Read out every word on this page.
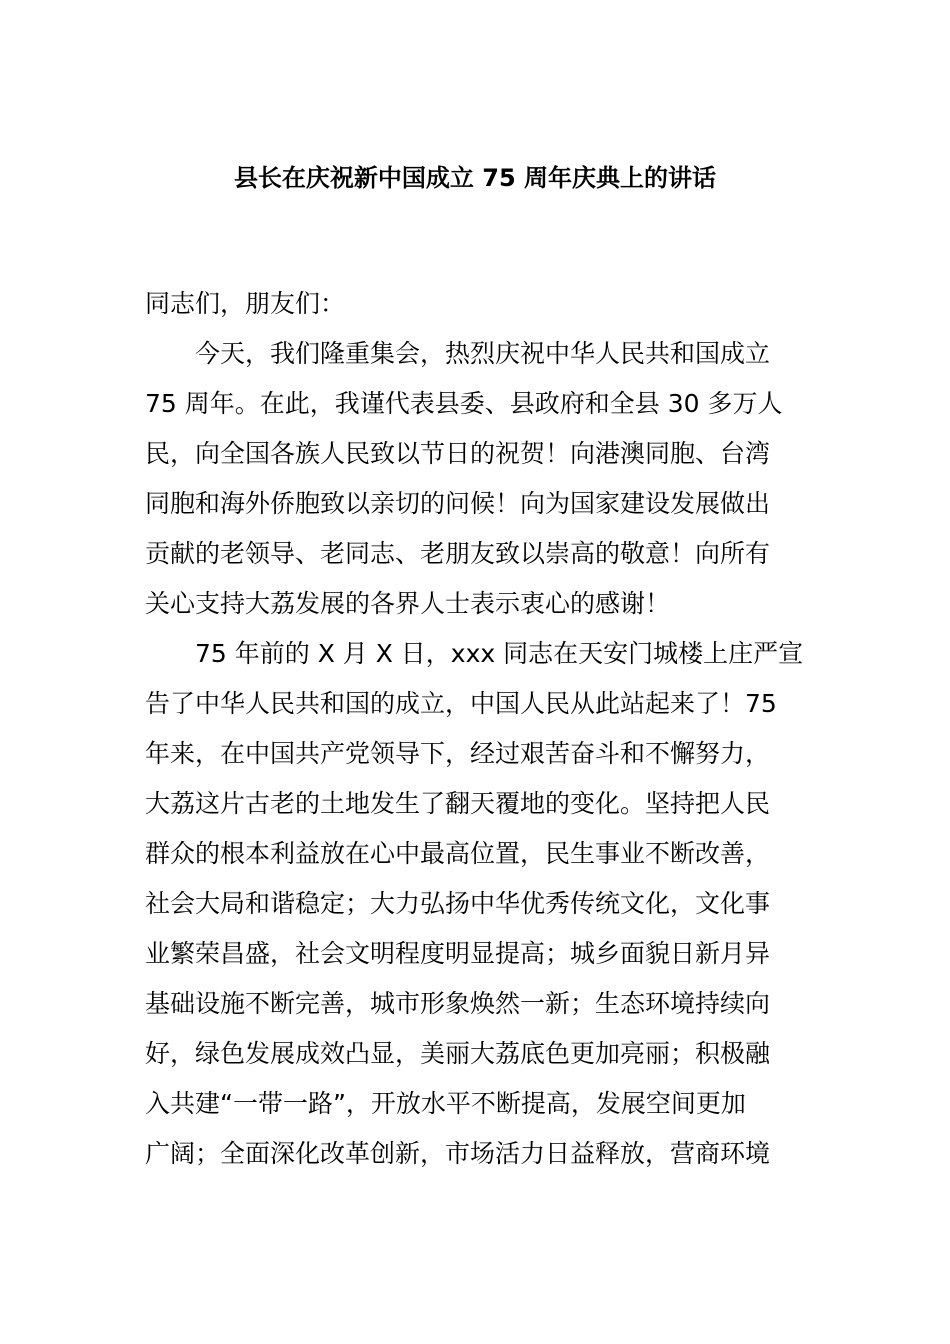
县长在庆祝新中国成立 75 周年庆典上的讲话
同志们，朋友们：
今天，我们隆重集会，热烈庆祝中华人民共和国成立
75 周年。在此，我谨代表县委、县政府和全县 30 多万人
民，向全国各族人民致以节日的祝贺！向港澳同胞、台湾
同胞和海外侨胞致以亲切的问候！向为国家建设发展做出
贡献的老领导、老同志、老朋友致以崇高的敬意！向所有
关心支持大荔发展的各界人士表示衷心的感谢！
75 年前的 X 月 X 日，xxx 同志在天安门城楼上庄严宣
告了中华人民共和国的成立，中国人民从此站起来了！75
年来，在中国共产党领导下，经过艰苦奋斗和不懈努力，
大荔这片古老的土地发生了翻天覆地的变化。坚持把人民
群众的根本利益放在心中最高位置，民生事业不断改善，
社会大局和谐稳定；大力弘扬中华优秀传统文化，文化事
业繁荣昌盛，社会文明程度明显提高；城乡面貌日新月异
基础设施不断完善，城市形象焕然一新；生态环境持续向
好，绿色发展成效凸显，美丽大荔底色更加亮丽；积极融
入共建“一带一路”，开放水平不断提高，发展空间更加
广阔；全面深化改革创新，市场活力日益释放，营商环境
